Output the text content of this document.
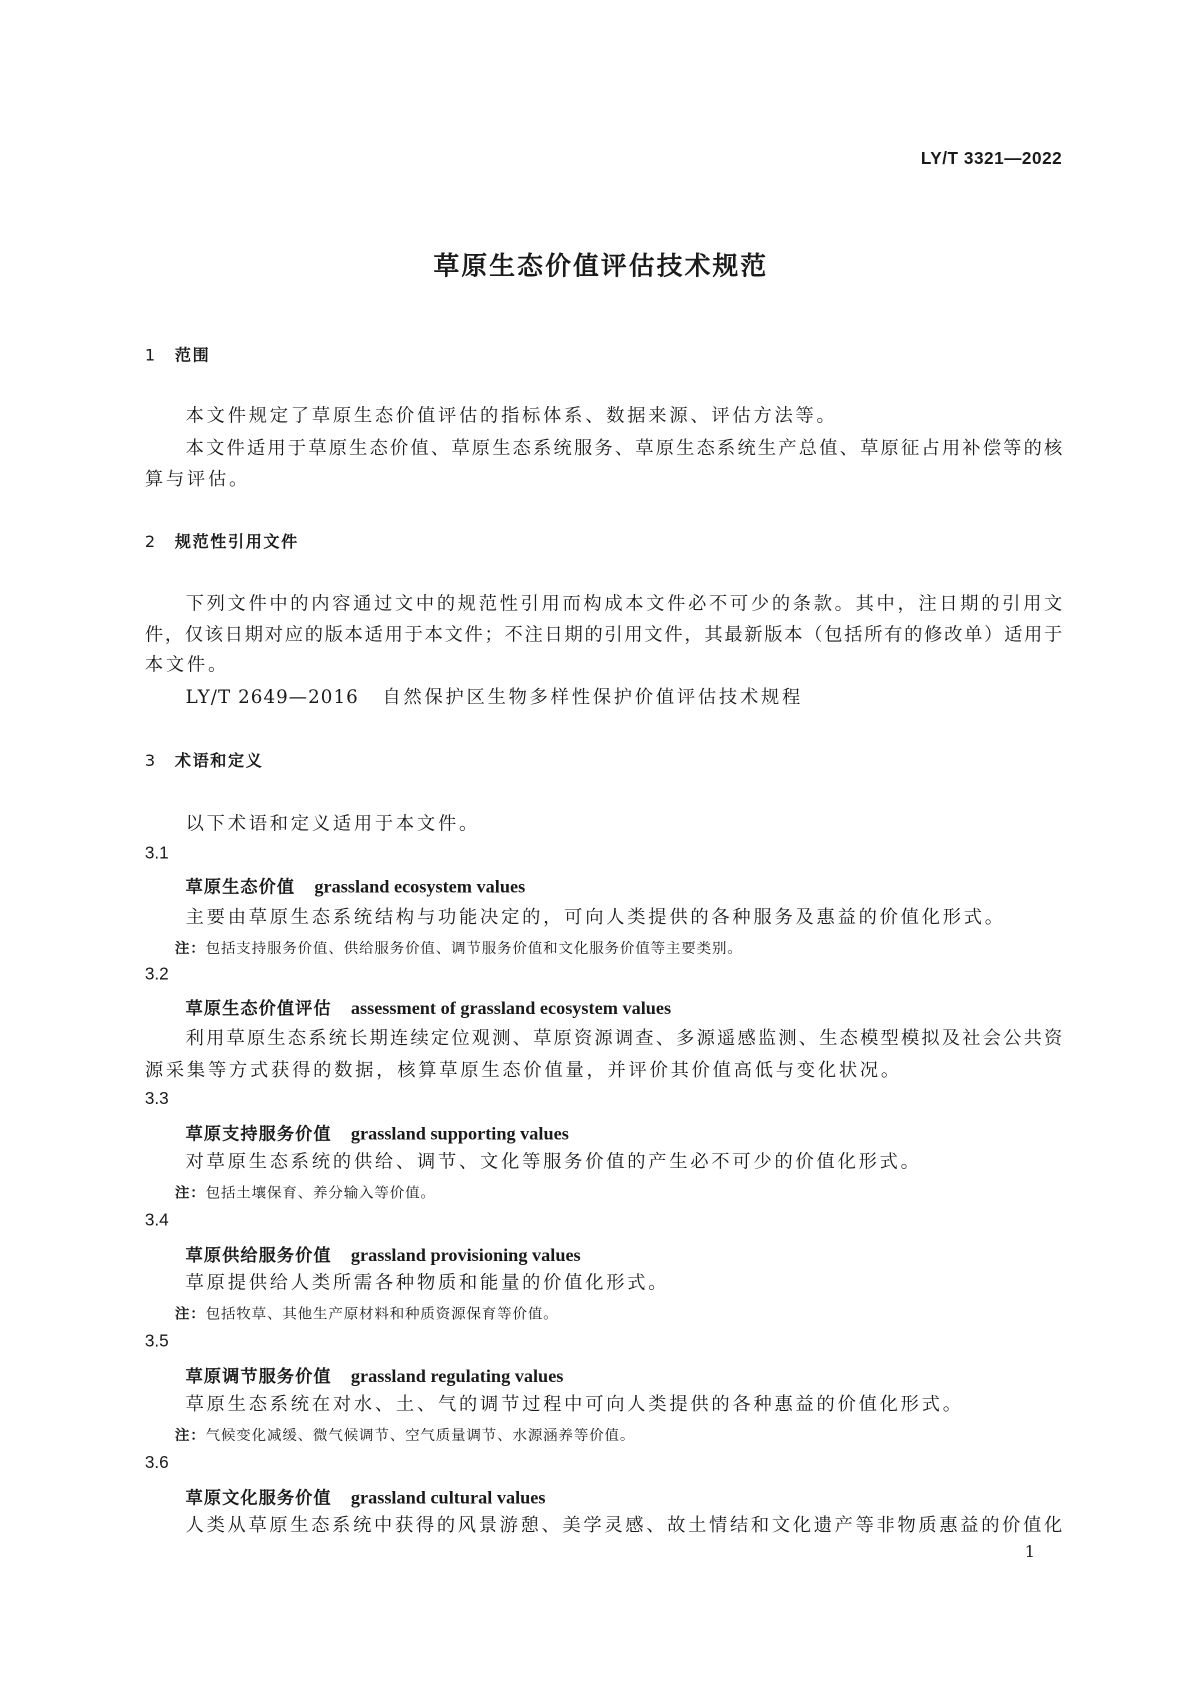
LY/T 3321—2022
草原生态价值评估技术规范
1 范围
本文件规定了草原生态价值评估的指标体系、数据来源、评估方法等。
本文件适用于草原生态价值、草原生态系统服务、草原生态系统生产总值、草原征占用补偿等的核
算与评估。
2 规范性引用文件
下列文件中的内容通过文中的规范性引用而构成本文件必不可少的条款。其中，注日期的引用文
件，仅该日期对应的版本适用于本文件；不注日期的引用文件，其最新版本（包括所有的修改单）适用于
本文件。
LY/T 2649—2016 自然保护区生物多样性保护价值评估技术规程
3 术语和定义
以下术语和定义适用于本文件。
3.1
草原生态价值 grassland ecosystem values
主要由草原生态系统结构与功能决定的，可向人类提供的各种服务及惠益的价值化形式。
注：包括支持服务价值、供给服务价值、调节服务价值和文化服务价值等主要类别。
3.2
草原生态价值评估 assessment of grassland ecosystem values
利用草原生态系统长期连续定位观测、草原资源调查、多源遥感监测、生态模型模拟及社会公共资
源采集等方式获得的数据，核算草原生态价值量，并评价其价值高低与变化状况。
3.3
草原支持服务价值 grassland supporting values
对草原生态系统的供给、调节、文化等服务价值的产生必不可少的价值化形式。
注：包括土壤保育、养分输入等价值。
3.4
草原供给服务价值 grassland provisioning values
草原提供给人类所需各种物质和能量的价值化形式。
注：包括牧草、其他生产原材料和种质资源保育等价值。
3.5
草原调节服务价值 grassland regulating values
草原生态系统在对水、土、气的调节过程中可向人类提供的各种惠益的价值化形式。
注：气候变化减缓、微气候调节、空气质量调节、水源涵养等价值。
3.6
草原文化服务价值 grassland cultural values
人类从草原生态系统中获得的风景游憩、美学灵感、故土情结和文化遗产等非物质惠益的价值化
1
